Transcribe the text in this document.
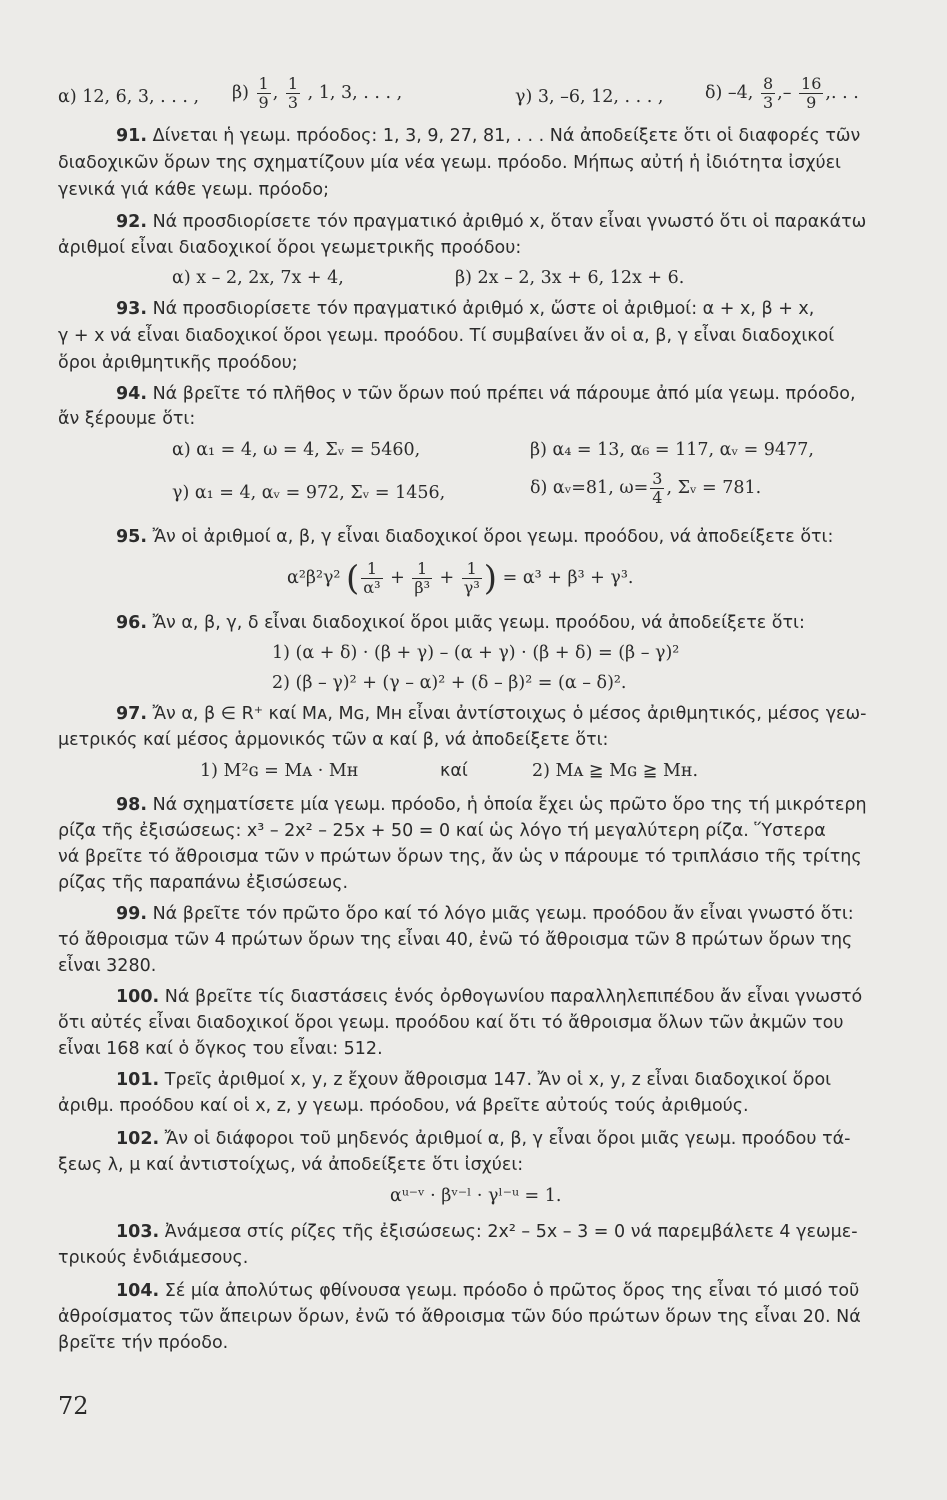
α) 12, 6, 3, . . . , $\beta) \frac{1}{9}$ , $\frac{1}{3}$ , 1, 3, . . . ,	γ) 3, –6, 12, . . . , δ) –4, $\frac{8}{3}$ ,– $\frac{16}{9}$ ,. . .
91. Δίνεται ἡ γεωμ. πρόοδος: 1, 3, 9, 27, 81, . . . Νά ἀποδείξετε ὅτι οἱ διαφορές τῶν
διαδοχικῶν ὅρων της σχηματίζουν μία νέα γεωμ. πρόοδο. Μήπως αὐτή ἡ ἰδιότητα ἰσχύει
γενικά γιά κάθε γεωμ. πρόοδο;
92. Νά προσδιορίσετε τόν πραγματικό ἀριθμό x, ὅταν εἶναι γνωστό ὅτι οἱ παρακάτω
ἀριθμοί εἶναι διαδοχικοί ὅροι γεωμετρικῆς προόδου:
α) x – 2, 2x, 7x + 4,	β) 2x – 2, 3x + 6, 12x + 6.
93. Νά προσδιορίσετε τόν πραγματικό ἀριθμό x, ὥστε οἱ ἀριθμοί: α + x, β + x,
γ + x νά εἶναι διαδοχικοί ὅροι γεωμ. προόδου. Τί συμβαίνει ἄν οἱ α, β, γ εἶναι διαδοχικοί
ὅροι ἀριθμητικῆς προόδου;
94. Νά βρεῖτε τό πλῆθος ν τῶν ὅρων πού πρέπει νά πάρουμε ἀπό μία γεωμ. πρόοδο,
ἄν ξέρουμε ὅτι:
α) α₁ = 4, ω = 4, Σᵥ = 5460,	β) α₄ = 13, α₆ = 117, αᵥ = 9477,
γ) α₁ = 4, αᵥ = 972, Σᵥ = 1456,	δ) αᵥ=81, $\omega= \frac{3}{4}$ , Σᵥ = 781.
95. Ἄν οἱ ἀριθμοί α, β, γ εἶναι διαδοχικοί ὅροι γεωμ. προόδου, νά ἀποδείξετε ὅτι:
α²β²γ² ( $\frac{1}{\text{α³}} + \frac{1}{\text{β³}} + \frac{1}{\text{γ³}}$ ) = α³ + β³ + γ³.
96. Ἄν α, β, γ, δ εἶναι διαδοχικοί ὅροι μιᾶς γεωμ. προόδου, νά ἀποδείξετε ὅτι:
1) (α + δ) · (β + γ) – (α + γ) · (β + δ) = (β – γ)²
2) (β – γ)² + (γ – α)² + (δ – β)² = (α – δ)².
97. Ἄν α, β ∈ R⁺ καί Mᴀ, Mɢ, Mʜ εἶναι ἀντίστοιχως ὁ μέσος ἀριθμητικός, μέσος γεω-
μετρικός καί μέσος ἁρμονικός τῶν α καί β, νά ἀποδείξετε ὅτι:
1) M²ɢ = Mᴀ · Mʜ	καί	2) Mᴀ ≧ Mɢ ≧ Mʜ.
98. Νά σχηματίσετε μία γεωμ. πρόοδο, ἡ ὁποία ἔχει ὡς πρῶτο ὅρο της τή μικρότερη
ρίζα τῆς ἐξισώσεως: x³ – 2x² – 25x + 50 = 0 καί ὡς λόγο τή μεγαλύτερη ρίζα. Ὕστερα
νά βρεῖτε τό ἄθροισμα τῶν ν πρώτων ὅρων της, ἄν ὡς ν πάρουμε τό τριπλάσιο τῆς τρίτης
ρίζας τῆς παραπάνω ἐξισώσεως.
99. Νά βρεῖτε τόν πρῶτο ὅρο καί τό λόγο μιᾶς γεωμ. προόδου ἄν εἶναι γνωστό ὅτι:
τό ἄθροισμα τῶν 4 πρώτων ὅρων της εἶναι 40, ἐνῶ τό ἄθροισμα τῶν 8 πρώτων ὅρων της
εἶναι 3280.
100. Νά βρεῖτε τίς διαστάσεις ἑνός ὀρθογωνίου παραλληλεπιπέδου ἄν εἶναι γνωστό
ὅτι αὐτές εἶναι διαδοχικοί ὅροι γεωμ. προόδου καί ὅτι τό ἄθροισμα ὅλων τῶν ἀκμῶν του
εἶναι 168 καί ὁ ὄγκος του εἶναι: 512.
101. Τρεῖς ἀριθμοί x, y, z ἔχουν ἄθροισμα 147. Ἄν οἱ x, y, z εἶναι διαδοχικοί ὅροι
ἀριθμ. προόδου καί οἱ x, z, y γεωμ. πρόοδου, νά βρεῖτε αὐτούς τούς ἀριθμούς.
102. Ἄν οἱ διάφοροι τοῦ μηδενός ἀριθμοί α, β, γ εἶναι ὅροι μιᾶς γεωμ. προόδου τά-
ξεως λ, μ καί ἀντιστοίχως, νά ἀποδείξετε ὅτι ἰσχύει:
αᵘ⁻ᵛ · βᵛ⁻ˡ · γˡ⁻ᵘ = 1.
103. Ἀνάμεσα στίς ρίζες τῆς ἐξισώσεως: 2x² – 5x – 3 = 0 νά παρεμβάλετε 4 γεωμε-
τρικούς ἐνδιάμεσους.
104. Σέ μία ἀπολύτως φθίνουσα γεωμ. πρόοδο ὁ πρῶτος ὅρος της εἶναι τό μισό τοῦ
ἀθροίσματος τῶν ἄπειρων ὅρων, ἐνῶ τό ἄθροισμα τῶν δύο πρώτων ὅρων της εἶναι 20. Νά
βρεῖτε τήν πρόοδο.
72
